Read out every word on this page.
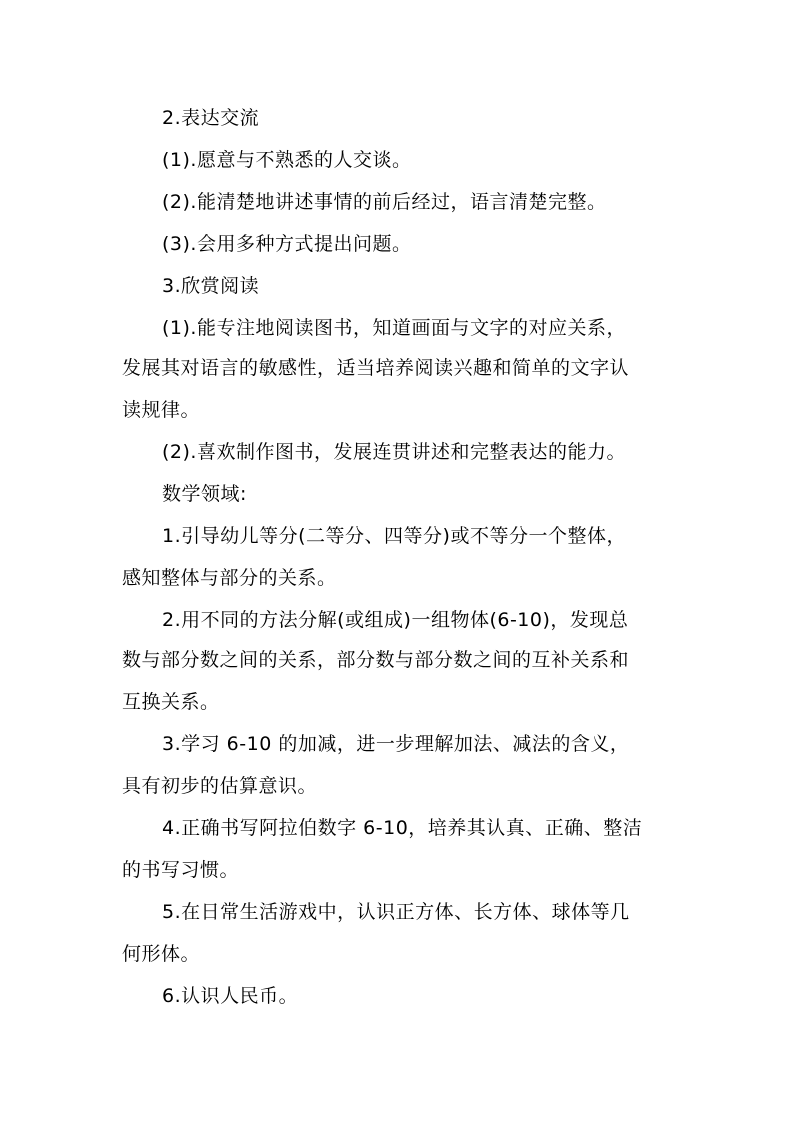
2.表达交流
(1).愿意与不熟悉的人交谈。
(2).能清楚地讲述事情的前后经过，语言清楚完整。
(3).会用多种方式提出问题。
3.欣赏阅读
(1).能专注地阅读图书，知道画面与文字的对应关系，
发展其对语言的敏感性，适当培养阅读兴趣和简单的文字认
读规律。
(2).喜欢制作图书，发展连贯讲述和完整表达的能力。
数学领域:
1.引导幼儿等分(二等分、四等分)或不等分一个整体，
感知整体与部分的关系。
2.用不同的方法分解(或组成)一组物体(6-10)，发现总
数与部分数之间的关系，部分数与部分数之间的互补关系和
互换关系。
3.学习 6-10 的加减，进一步理解加法、减法的含义，
具有初步的估算意识。
4.正确书写阿拉伯数字 6-10，培养其认真、正确、整洁
的书写习惯。
5.在日常生活游戏中，认识正方体、长方体、球体等几
何形体。
6.认识人民币。
